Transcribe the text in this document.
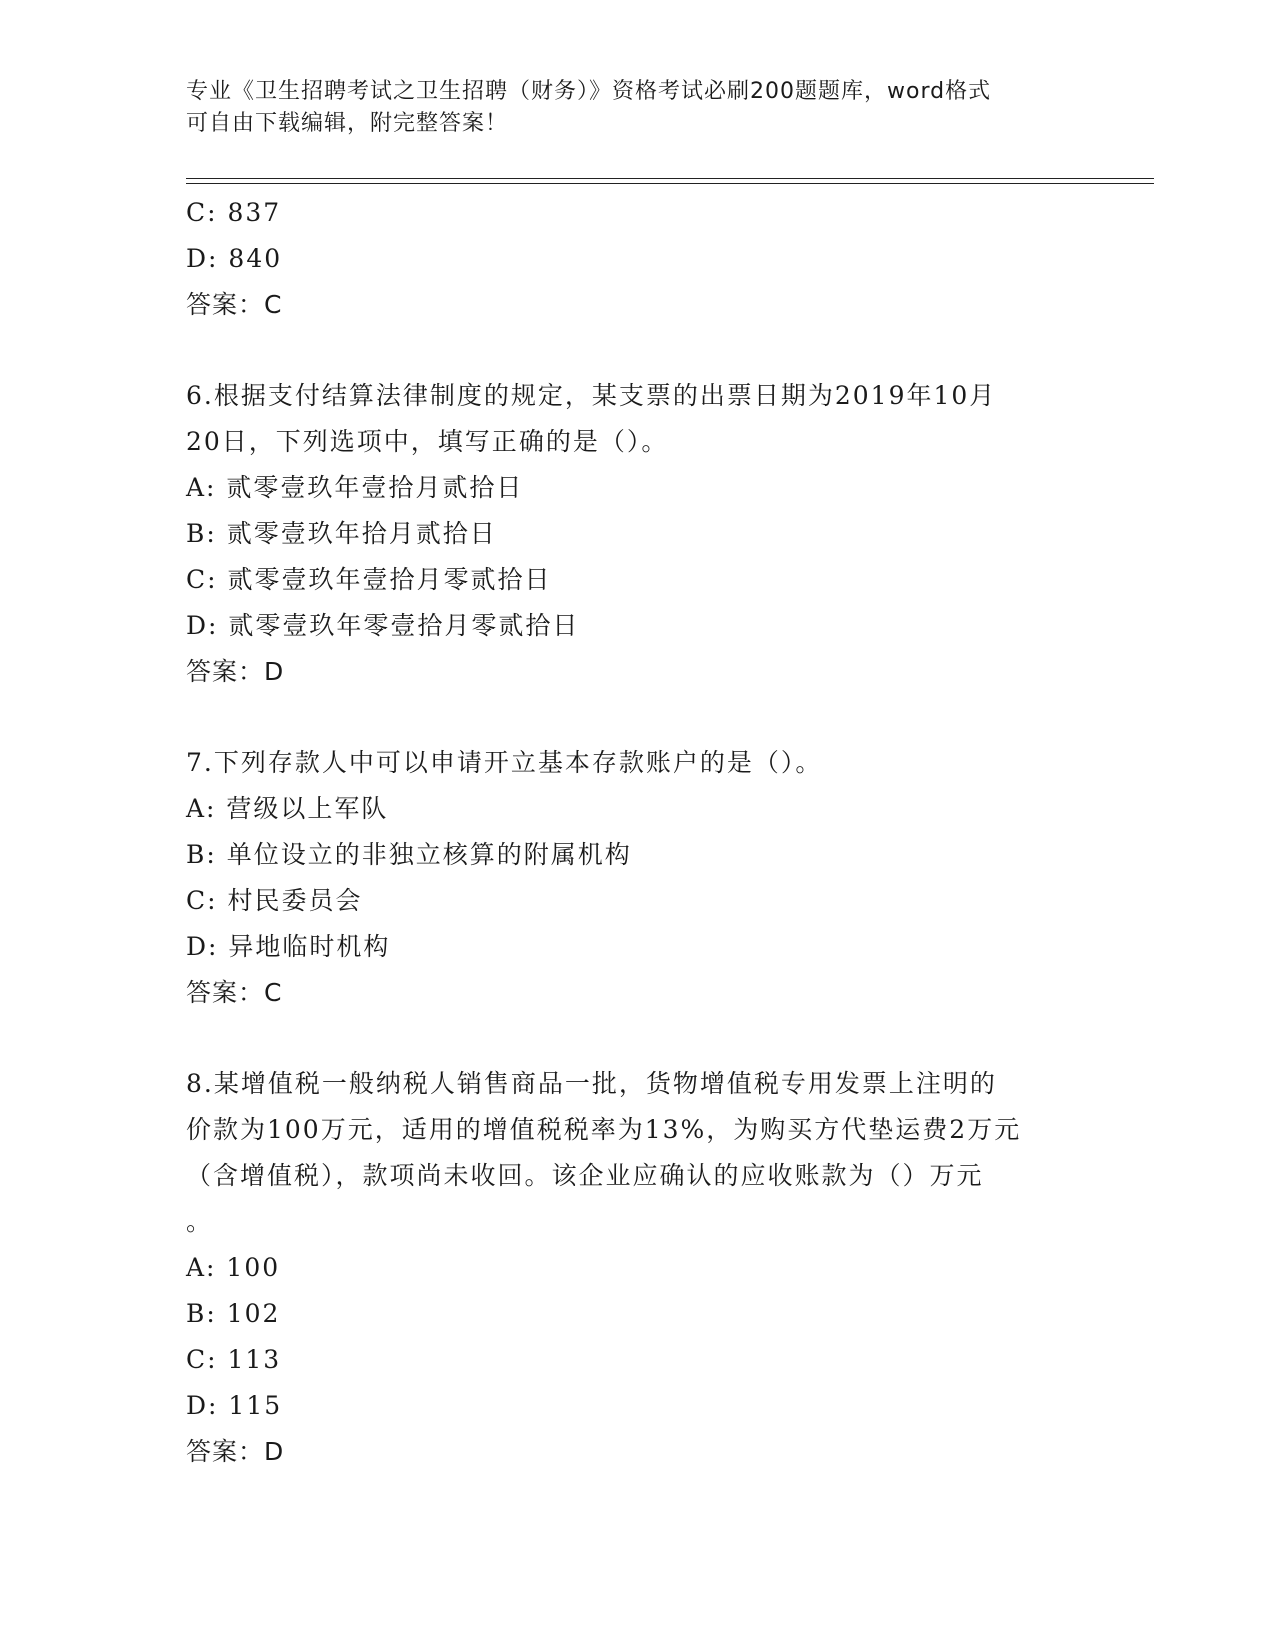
专业《卫生招聘考试之卫生招聘（财务）》资格考试必刷200题题库，word格式
可自由下载编辑，附完整答案！
C: 837
D: 840
答案：C
6.根据支付结算法律制度的规定，某支票的出票日期为2019年10月
20日，下列选项中，填写正确的是（）。
A: 贰零壹玖年壹拾月贰拾日
B: 贰零壹玖年拾月贰拾日
C: 贰零壹玖年壹拾月零贰拾日
D: 贰零壹玖年零壹拾月零贰拾日
答案：D
7.下列存款人中可以申请开立基本存款账户的是（）。
A: 营级以上军队
B: 单位设立的非独立核算的附属机构
C: 村民委员会
D: 异地临时机构
答案：C
8.某增值税一般纳税人销售商品一批，货物增值税专用发票上注明的
价款为100万元，适用的增值税税率为13%，为购买方代垫运费2万元
（含增值税），款项尚未收回。该企业应确认的应收账款为（）万元
。
A: 100
B: 102
C: 113
D: 115
答案：D
